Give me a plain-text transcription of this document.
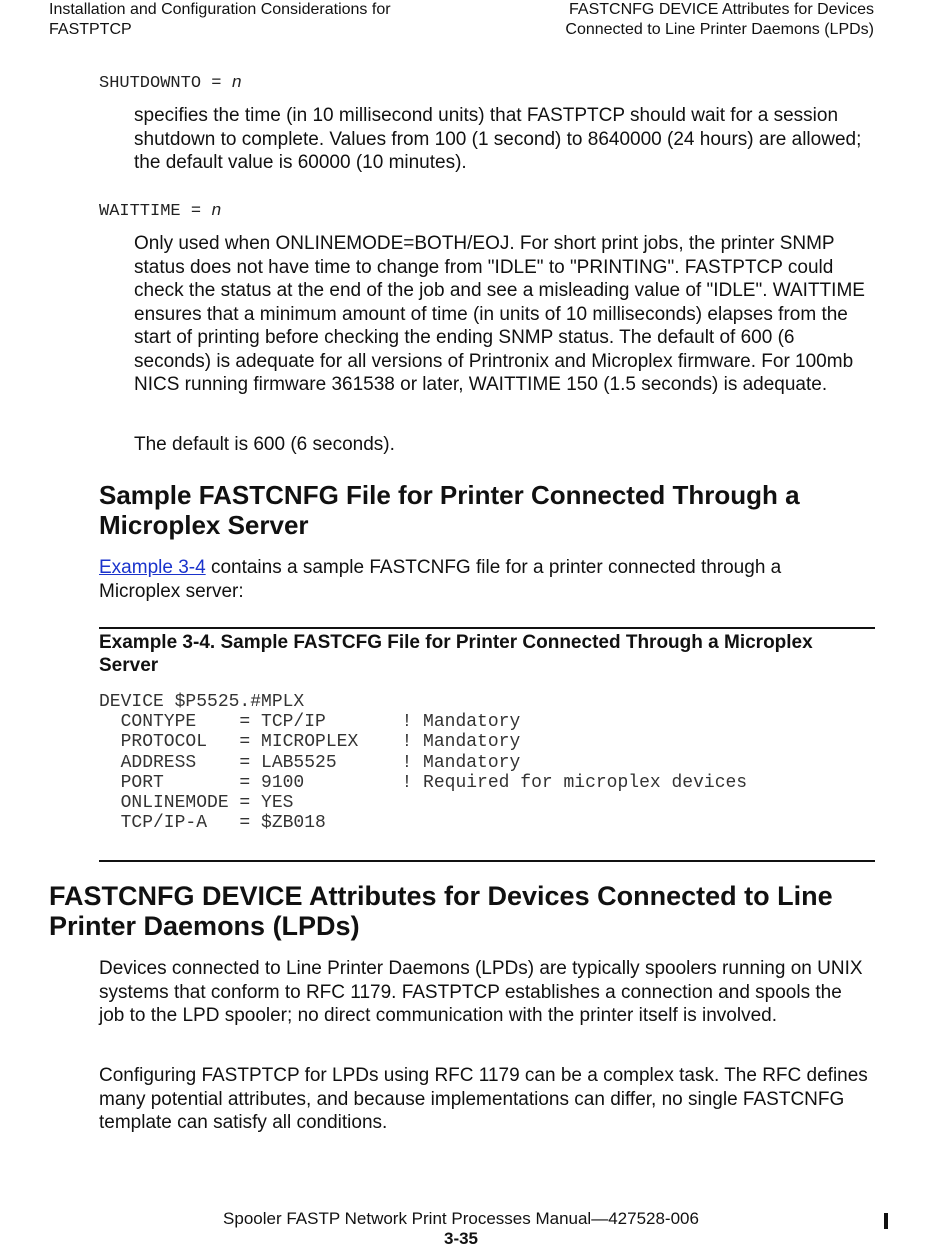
Installation and Configuration Considerations for
FASTPTCP
FASTCNFG DEVICE Attributes for Devices
Connected to Line Printer Daemons (LPDs)
SHUTDOWNTO = n
specifies the time (in 10 millisecond units) that FASTPTCP should wait for a session shutdown to complete. Values from 100 (1 second) to 8640000 (24 hours) are allowed; the default value is 60000 (10 minutes).
WAITTIME = n
Only used when ONLINEMODE=BOTH/EOJ. For short print jobs, the printer SNMP status does not have time to change from "IDLE" to "PRINTING". FASTPTCP could check the status at the end of the job and see a misleading value of "IDLE". WAITTIME ensures that a minimum amount of time (in units of 10 milliseconds) elapses from the start of printing before checking the ending SNMP status. The default of 600 (6 seconds) is adequate for all versions of Printronix and Microplex firmware. For 100mb NICS running firmware 361538 or later, WAITTIME 150 (1.5 seconds) is adequate.
The default is 600 (6 seconds).
Sample FASTCNFG File for Printer Connected Through a Microplex Server
Example 3-4 contains a sample FASTCNFG file for a printer connected through a Microplex server:
Example 3-4. Sample FASTCFG File for Printer Connected Through a Microplex Server
DEVICE $P5525.#MPLX
CONTYPE    = TCP/IP       ! Mandatory
PROTOCOL   = MICROPLEX    ! Mandatory
ADDRESS    = LAB5525      ! Mandatory
PORT       = 9100         ! Required for microplex devices
ONLINEMODE = YES
TCP/IP-A   = $ZB018
FASTCNFG DEVICE Attributes for Devices Connected to Line Printer Daemons (LPDs)
Devices connected to Line Printer Daemons (LPDs) are typically spoolers running on UNIX systems that conform to RFC 1179. FASTPTCP establishes a connection and spools the job to the LPD spooler; no direct communication with the printer itself is involved.
Configuring FASTPTCP for LPDs using RFC 1179 can be a complex task. The RFC defines many potential attributes, and because implementations can differ, no single FASTCNFG template can satisfy all conditions.
Spooler FASTP Network Print Processes Manual—427528-006
3-35
